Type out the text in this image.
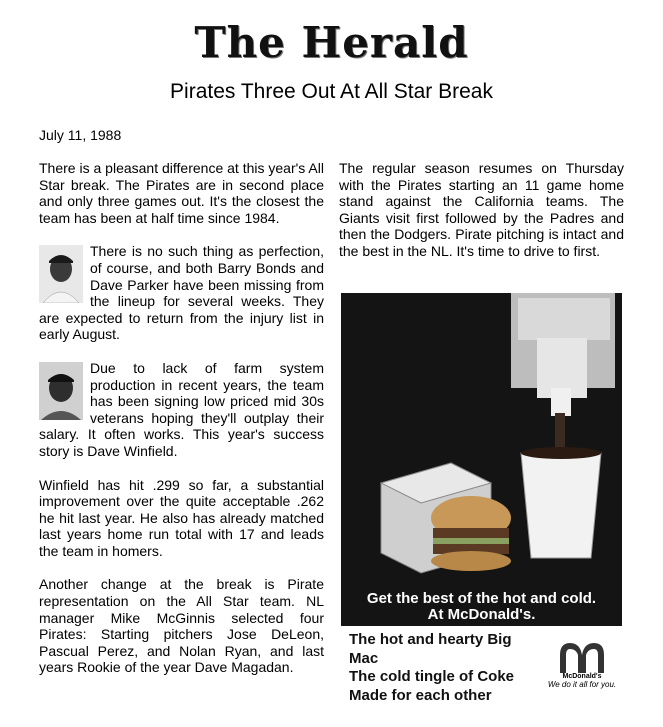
The Herald
Pirates Three Out At All Star Break
July 11, 1988

There is a pleasant difference at this year's All Star break. The Pirates are in second place and only three games out. It's the closest the team has been at half time since 1984.

There is no such thing as perfection, of course, and both Barry Bonds and Dave Parker have been missing from the lineup for several weeks. They are expected to return from the injury list in early August.
Due to lack of farm system production in recent years, the team has been signing low priced mid 30s veterans hoping they'll outplay their salary. It often works. This year's success story is Dave Winfield.

Winfield has hit .299 so far, a substantial improvement over the quite acceptable .262 he hit last year. He also has already matched last years home run total with 17 and leads the team in homers.

Another change at the break is Pirate representation on the All Star team. NL manager Mike McGinnis selected four Pirates: Starting pitchers Jose DeLeon, Pascual Perez, and Nolan Ryan, and last years Rookie of the year Dave Magadan.

The regular season resumes on Thursday with the Pirates starting an 11 game home stand against the California teams. The Giants visit first followed by the Padres and then the Dodgers. Pirate pitching is intact and the best in the NL. It's time to drive to first.

Get the best of the hot and cold.
At McDonald's.
The hot and hearty Big Mac
The cold tingle of Coke
Made for each other
McDonald's
We do it all for you.
